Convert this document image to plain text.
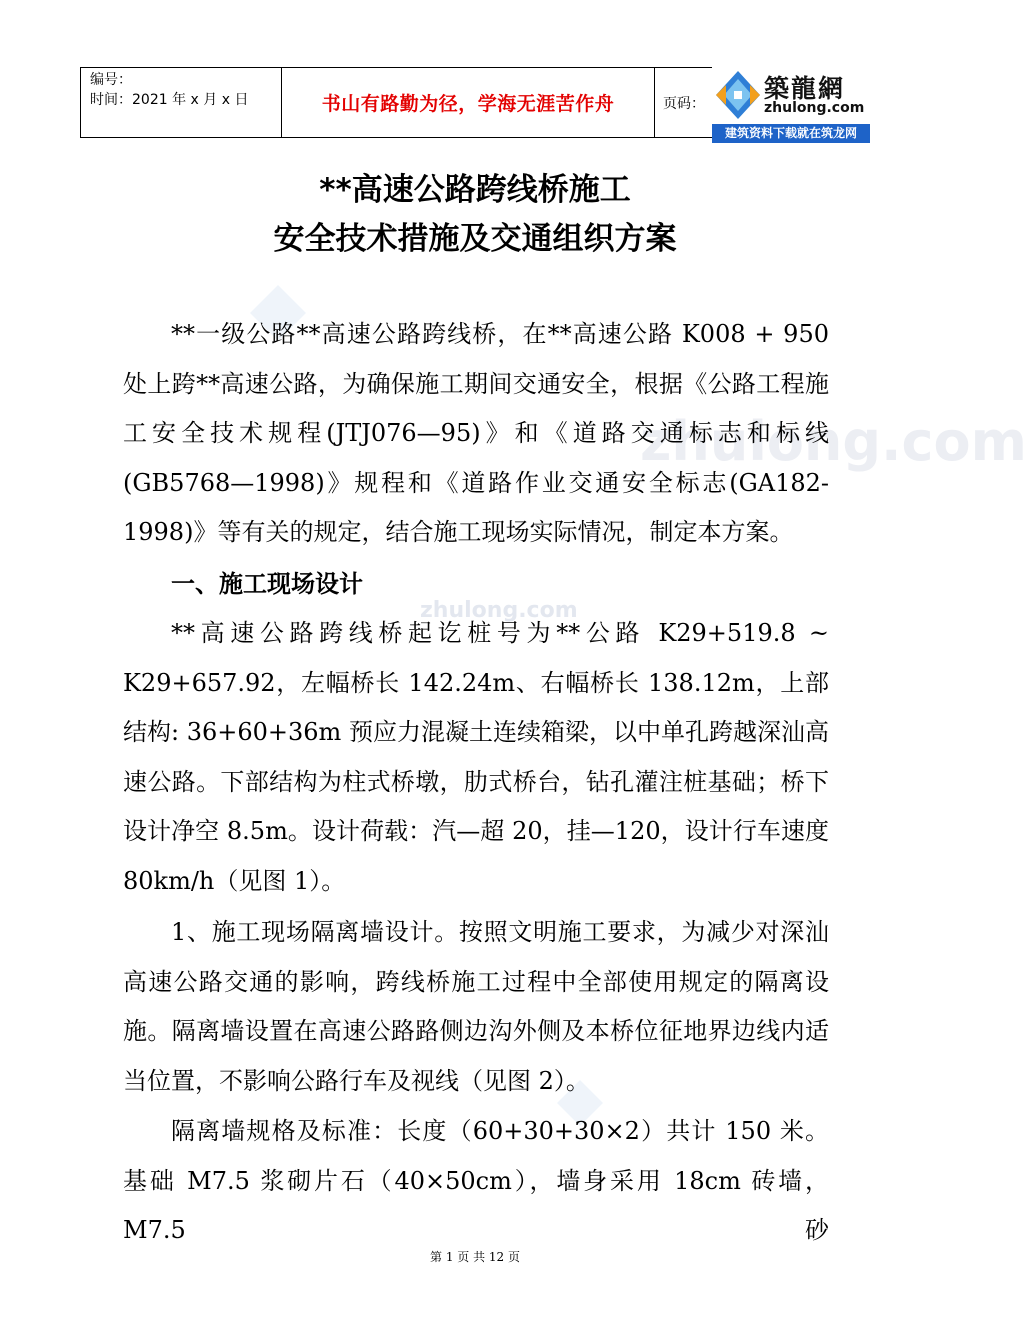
zhulong.com
zhulong.com
编号：
时间：2021 年 x 月 x 日	书山有路勤为径，学海无涯苦作舟	页码：
築龍網
zhulong.com
建筑资料下载就在筑龙网
**高速公路跨线桥施工
安全技术措施及交通组织方案

**一级公路**高速公路跨线桥，在**高速公路 K008 + 950 处上跨**高速公路，为确保施工期间交通安全，根据《公路工程施工安全技术规程(JTJ076—95)》和《道路交通标志和标线(GB5768—1998)》规程和《道路作业交通安全标志(GA182-1998)》等有关的规定，结合施工现场实际情况，制定本方案。

一、施工现场设计

**高速公路跨线桥起讫桩号为**公路 K29+519.8 ~ K29+657.92，左幅桥长 142.24m、右幅桥长 138.12m，上部结构: 36+60+36m 预应力混凝土连续箱梁，以中单孔跨越深汕高速公路。下部结构为柱式桥墩，肋式桥台，钻孔灌注桩基础；桥下设计净空 8.5m。设计荷载：汽—超 20，挂—120，设计行车速度 80km/h（见图 1）。

1、施工现场隔离墙设计。按照文明施工要求，为减少对深汕高速公路交通的影响，跨线桥施工过程中全部使用规定的隔离设施。隔离墙设置在高速公路路侧边沟外侧及本桥位征地界边线内适当位置，不影响公路行车及视线（见图 2）。

隔离墙规格及标准：长度（60+30+30×2）共计 150 米。基础 M7.5 浆砌片石（40×50cm），墙身采用 18cm 砖墙，M7.5 砂

第 1 页 共 12 页
